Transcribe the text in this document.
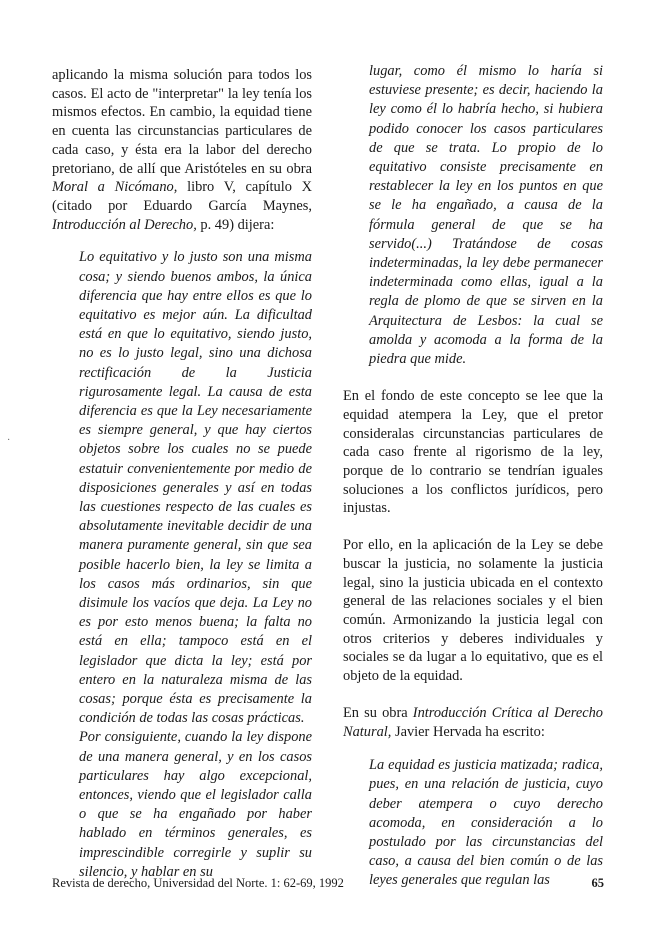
aplicando la misma solución para todos los casos. El acto de "interpretar" la ley tenía los mismos efectos. En cambio, la equidad tiene en cuenta las circunstancias particulares de cada caso, y ésta era la labor del derecho pretoriano, de allí que Aristóteles en su obra Moral a Nicómano, libro V, capítulo X (citado por Eduardo García Maynes, Introducción al Derecho, p. 49) dijera:

Lo equitativo y lo justo son una misma cosa; y siendo buenos ambos, la única diferencia que hay entre ellos es que lo equitativo es mejor aún. La dificultad está en que lo equitativo, siendo justo, no es lo justo legal, sino una dichosa rectificación de la Justicia rigurosamente legal. La causa de esta diferencia es que la Ley necesariamente es siempre general, y que hay ciertos objetos sobre los cuales no se puede estatuir convenientemente por medio de disposiciones generales y así en todas las cuestiones respecto de las cuales es absolutamente inevitable decidir de una manera puramente general, sin que sea posible hacerlo bien, la ley se limita a los casos más ordinarios, sin que disimule los vacíos que deja. La Ley no es por esto menos buena; la falta no está en ella; tampoco está en el legislador que dicta la ley; está por entero en la naturaleza misma de las cosas; porque ésta es precisamente la condición de todas las cosas prácticas.

Por consiguiente, cuando la ley dispone de una manera general, y en los casos particulares hay algo excepcional, entonces, viendo que el legislador calla o que se ha engañado por haber hablado en términos generales, es imprescindible corregirle y suplir su silencio, y hablar en su

lugar, como él mismo lo haría si estuviese presente; es decir, haciendo la ley como él lo habría hecho, si hubiera podido conocer los casos particulares de que se trata. Lo propio de lo equitativo consiste precisamente en restablecer la ley en los puntos en que se le ha engañado, a causa de la fórmula general de que se ha servido(...) Tratándose de cosas indeterminadas, la ley debe permanecer indeterminada como ellas, igual a la regla de plomo de que se sirven en la Arquitectura de Lesbos: la cual se amolda y acomoda a la forma de la piedra que mide.

En el fondo de este concepto se lee que la equidad atempera la Ley, que el pretor consideralas circunstancias particulares de cada caso frente al rigorismo de la ley, porque de lo contrario se tendrían iguales soluciones a los conflictos jurídicos, pero injustas.

Por ello, en la aplicación de la Ley se debe buscar la justicia, no solamente la justicia legal, sino la justicia ubicada en el contexto general de las relaciones sociales y el bien común. Armonizando la justicia legal con otros criterios y deberes individuales y sociales se da lugar a lo equitativo, que es el objeto de la equidad.

En su obra Introducción Crítica al Derecho Natural, Javier Hervada ha escrito:

La equidad es justicia matizada; radica, pues, en una relación de justicia, cuyo deber atempera o cuyo derecho acomoda, en consideración a lo postulado por las circunstancias del caso, a causa del bien común o de las leyes generales que regulan las

·
Revista de derecho, Universidad del Norte. 1: 62-69, 1992	65
